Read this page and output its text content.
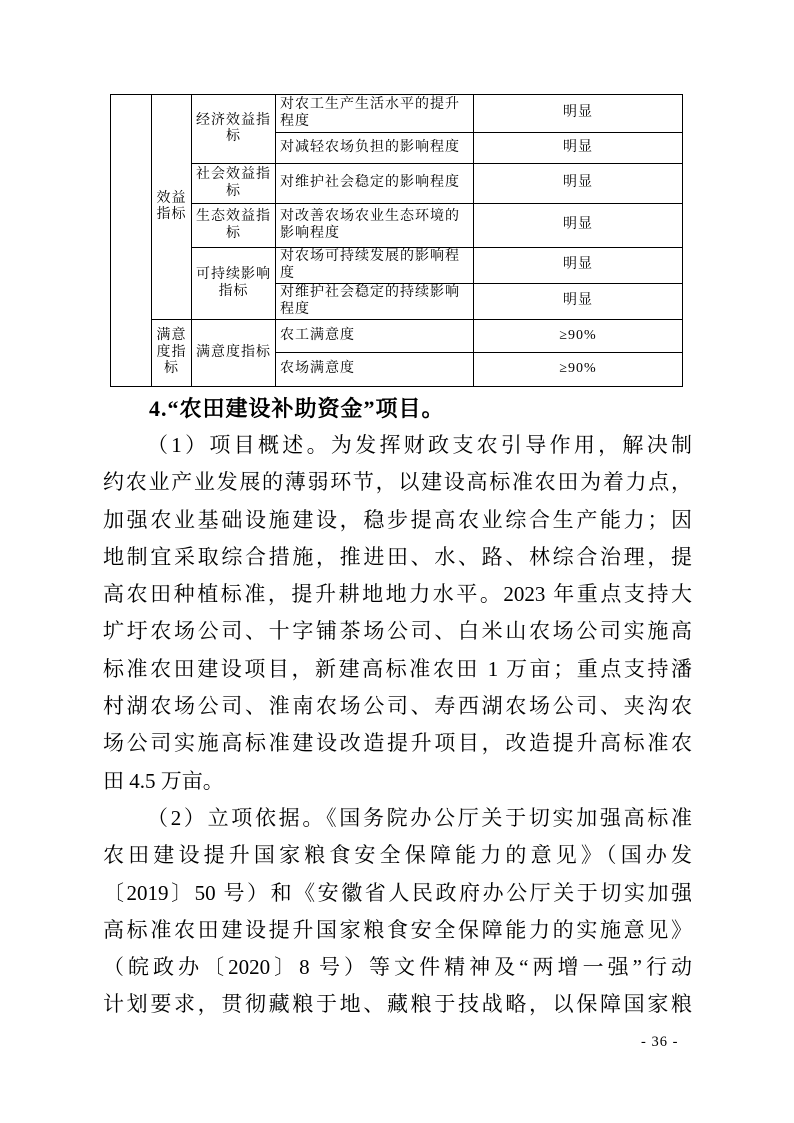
	效益指标	经济效益指标	对农工生产生活水平的提升程度	明显
			对减轻农场负担的影响程度	明显
		社会效益指标	对维护社会稳定的影响程度	明显
		生态效益指标	对改善农场农业生态环境的影响程度	明显
		可持续影响指标	对农场可持续发展的影响程度	明显
			对维护社会稳定的持续影响程度	明显
	满意度指标	满意度指标	农工满意度	≥90%
			农场满意度	≥90%
4.“农田建设补助资金”项目。
（1）项目概述。为发挥财政支农引导作用，解决制
约农业产业发展的薄弱环节，以建设高标准农田为着力点，
加强农业基础设施建设，稳步提高农业综合生产能力；因
地制宜采取综合措施，推进田、水、路、林综合治理，提
高农田种植标准，提升耕地地力水平。2023 年重点支持大
圹圩农场公司、十字铺茶场公司、白米山农场公司实施高
标准农田建设项目，新建高标准农田 1 万亩；重点支持潘
村湖农场公司、淮南农场公司、寿西湖农场公司、夹沟农
场公司实施高标准建设改造提升项目，改造提升高标准农
田 4.5 万亩。
（2）立项依据。《国务院办公厅关于切实加强高标准
农田建设提升国家粮食安全保障能力的意见》（国办发
〔2019〕50 号）和《安徽省人民政府办公厅关于切实加强
高标准农田建设提升国家粮食安全保障能力的实施意见》
（皖政办〔2020〕8 号）等文件精神及“两增一强”行动
计划要求，贯彻藏粮于地、藏粮于技战略，以保障国家粮
- 36 -
